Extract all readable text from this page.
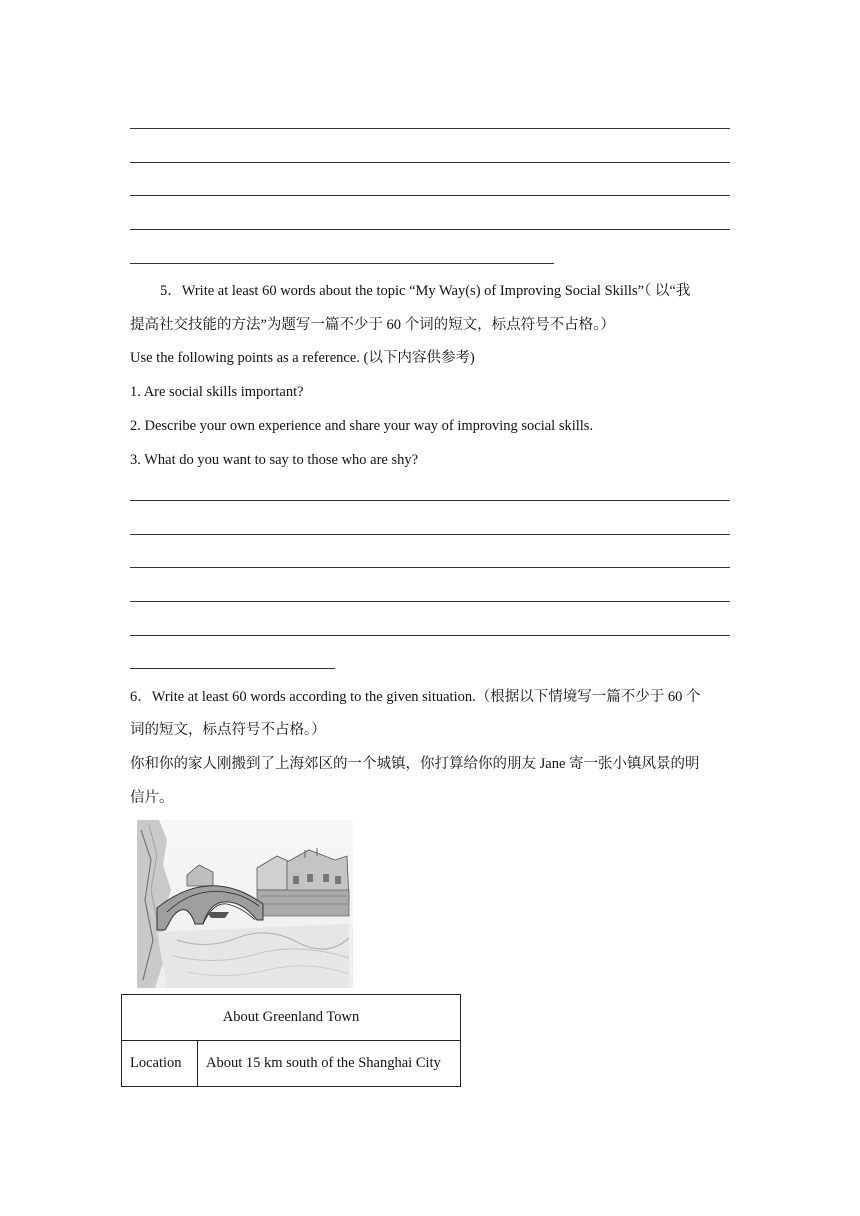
5．Write at least 60 words about the topic “My Way(s) of Improving Social Skills”（ 以“我
提高社交技能的方法”为题写一篇不少于 60 个词的短文，标点符号不占格。）
Use the following points as a reference. (以下内容供参考)
1. Are social skills important?
2. Describe your own experience and share your way of improving social skills.
3. What do you want to say to those who are shy?
6．Write at least 60 words according to the given situation.（根据以下情境写一篇不少于 60 个
词的短文，标点符号不占格。）
你和你的家人刚搬到了上海郊区的一个城镇，你打算给你的朋友 Jane 寄一张小镇风景的明
信片。
About Greenland Town
Location	About 15 km south of the Shanghai City
